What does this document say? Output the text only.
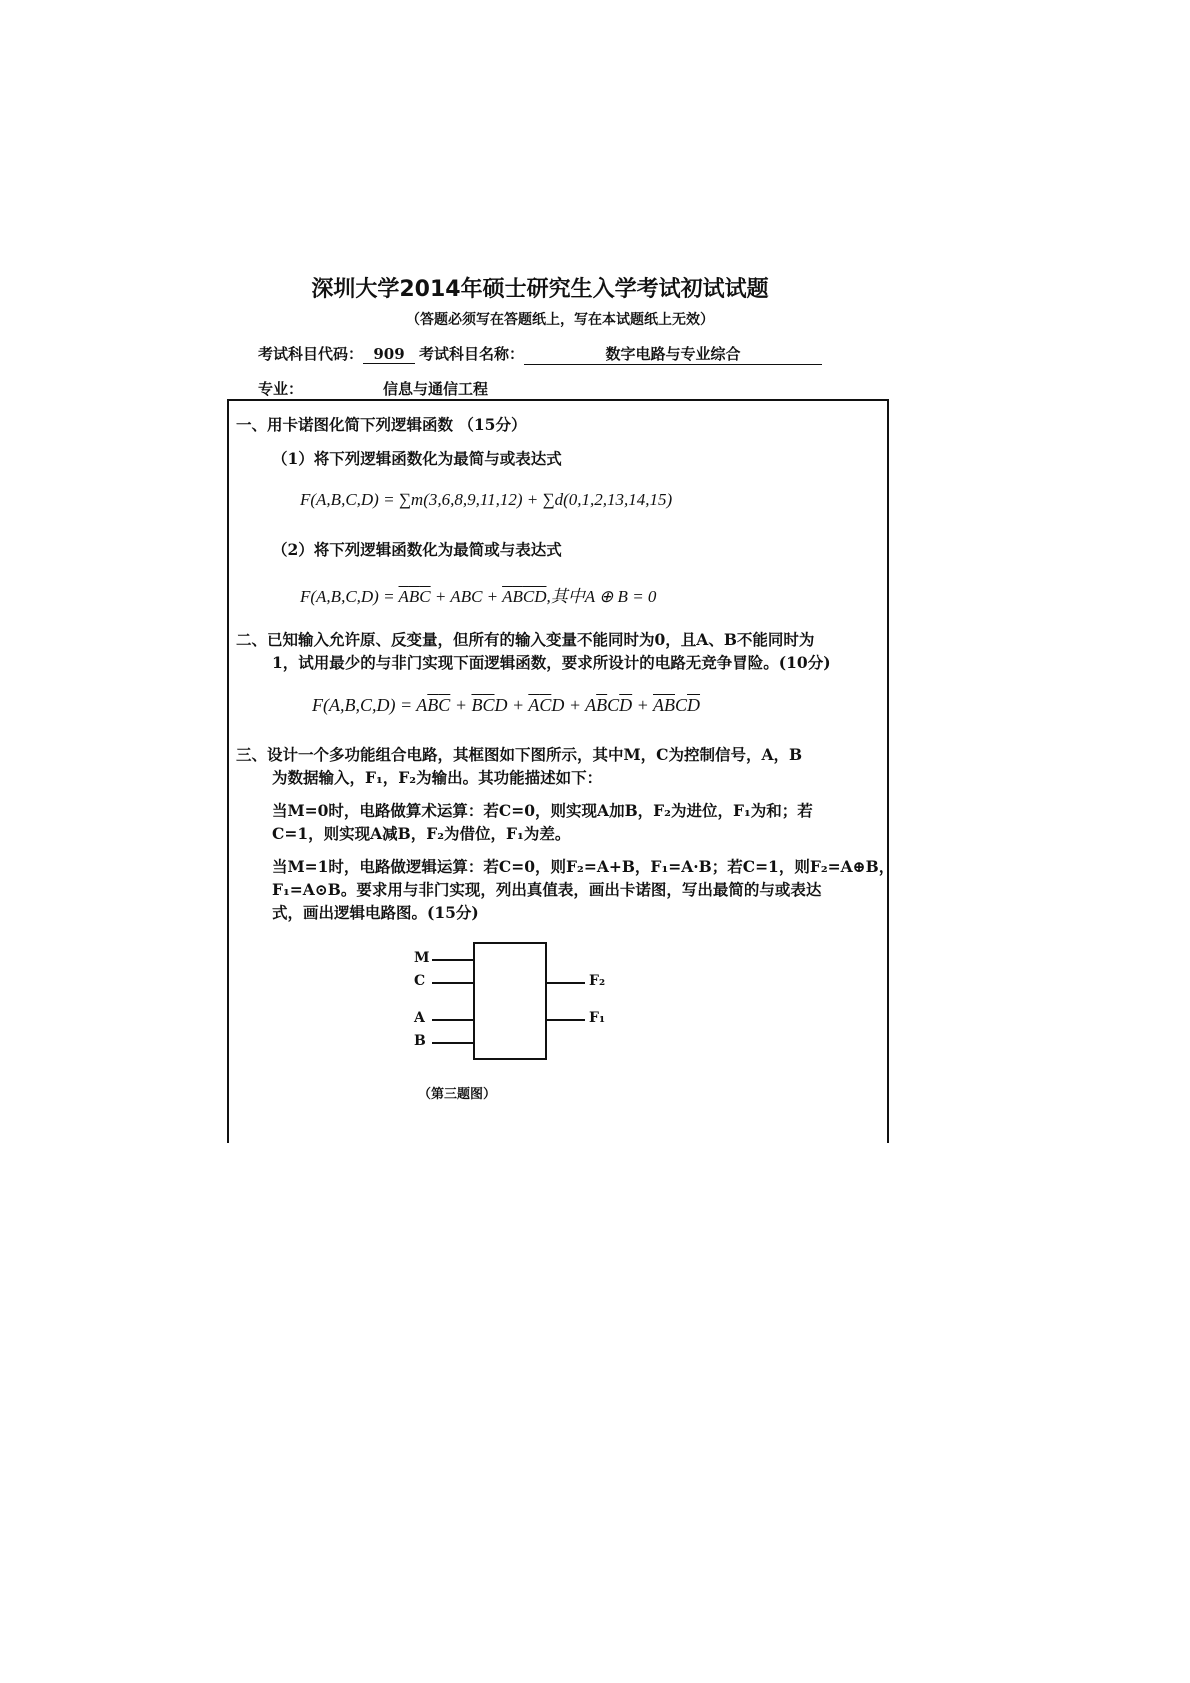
深圳大学2014年硕士研究生入学考试初试试题
（答题必须写在答题纸上，写在本试题纸上无效）
考试科目代码： 909 考试科目名称：	数字电路与专业综合
专业：	信息与通信工程
一、用卡诺图化简下列逻辑函数 （15分）
（1）将下列逻辑函数化为最简与或表达式
F(A,B,C,D) = ∑m(3,6,8,9,11,12) + ∑d(0,1,2,13,14,15)
（2）将下列逻辑函数化为最简或与表达式
$F(A,B,C,D) = \overline{A}\overline{B}\overline{C}$ + ABC + $\overline{A}\overline{B}\overline{CD}$,其中A ⊕ B = 0
二、已知输入允许原、反变量，但所有的输入变量不能同时为0，且A、B不能同时为
1，试用最少的与非门实现下面逻辑函数，要求所设计的电路无竞争冒险。(10分)
$F(A,B,C,D) = A\overline{B}\overline{C} + \overline{B}\overline{C}D + \overline{A}\overline{C}D + A\overline{B}C\overline{D} + \overline{A}\overline{B}C\overline{D}$
三、设计一个多功能组合电路，其框图如下图所示，其中M，C为控制信号，A，B
为数据输入，F₁，F₂为输出。其功能描述如下：
当M=0时，电路做算术运算：若C=0，则实现A加B，F₂为进位，F₁为和；若
C=1，则实现A减B，F₂为借位，F₁为差。
当M=1时，电路做逻辑运算：若C=0，则F₂=A+B，F₁=A·B；若C=1，则F₂=A⊕B，
F₁=A⊙B。要求用与非门实现，列出真值表，画出卡诺图，写出最简的与或表达
式，画出逻辑电路图。(15分)
M
C
A
B
F₂
F₁
（第三题图）
